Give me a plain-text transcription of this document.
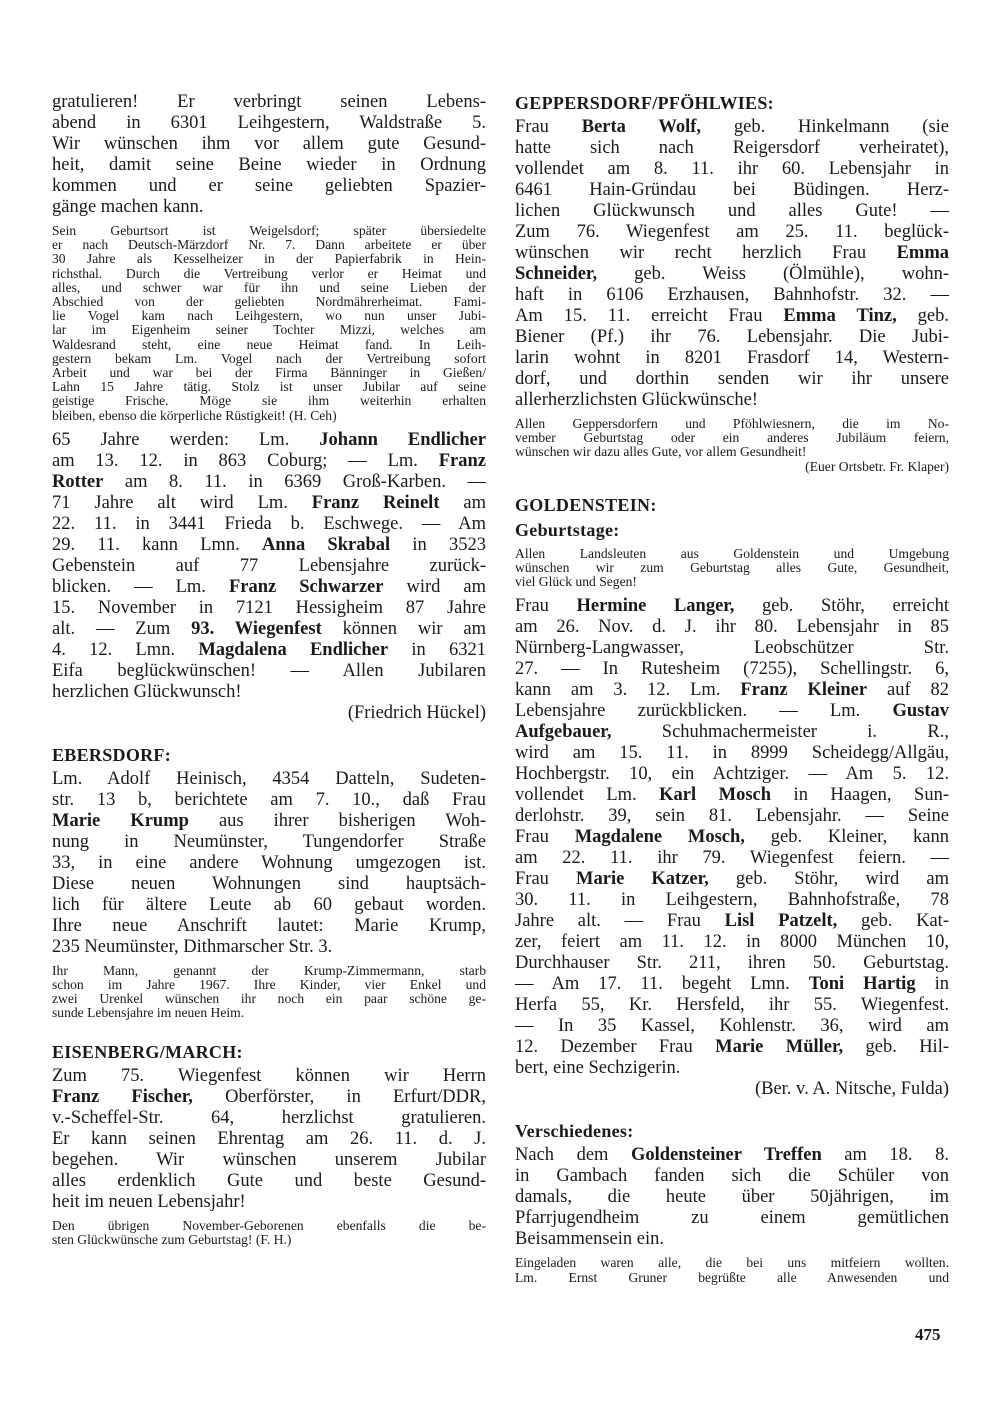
gratulieren! Er verbringt seinen Lebens-
abend in 6301 Leihgestern, Waldstraße 5.
Wir wünschen ihm vor allem gute Gesund-
heit, damit seine Beine wieder in Ordnung
kommen und er seine geliebten Spazier-
gänge machen kann.
Sein Geburtsort ist Weigelsdorf; später übersiedelte
er nach Deutsch-Märzdorf Nr. 7. Dann arbeitete er über
30 Jahre als Kesselheizer in der Papierfabrik in Hein-
richsthal. Durch die Vertreibung verlor er Heimat und
alles, und schwer war für ihn und seine Lieben der
Abschied von der geliebten Nordmährerheimat. Fami-
lie Vogel kam nach Leihgestern, wo nun unser Jubi-
lar im Eigenheim seiner Tochter Mizzi, welches am
Waldesrand steht, eine neue Heimat fand. In Leih-
gestern bekam Lm. Vogel nach der Vertreibung sofort
Arbeit und war bei der Firma Bänninger in Gießen/
Lahn 15 Jahre tätig. Stolz ist unser Jubilar auf seine
geistige Frische. Möge sie ihm weiterhin erhalten
bleiben, ebenso die körperliche Rüstigkeit! (H. Ceh)
65 Jahre werden: Lm. Johann Endlicher
am 13. 12. in 863 Coburg; — Lm. Franz
Rotter am 8. 11. in 6369 Groß-Karben. —
71 Jahre alt wird Lm. Franz Reinelt am
22. 11. in 3441 Frieda b. Eschwege. — Am
29. 11. kann Lmn. Anna Skrabal in 3523
Gebenstein auf 77 Lebensjahre zurück-
blicken. — Lm. Franz Schwarzer wird am
15. November in 7121 Hessigheim 87 Jahre
alt. — Zum 93. Wiegenfest können wir am
4. 12. Lmn. Magdalena Endlicher in 6321
Eifa beglückwünschen! — Allen Jubilaren
herzlichen Glückwunsch!
(Friedrich Hückel)
EBERSDORF:
Lm. Adolf Heinisch, 4354 Datteln, Sudeten-
str. 13 b, berichtete am 7. 10., daß Frau
Marie Krump aus ihrer bisherigen Woh-
nung in Neumünster, Tungendorfer Straße
33, in eine andere Wohnung umgezogen ist.
Diese neuen Wohnungen sind hauptsäch-
lich für ältere Leute ab 60 gebaut worden.
Ihre neue Anschrift lautet: Marie Krump,
235 Neumünster, Dithmarscher Str. 3.
Ihr Mann, genannt der Krump-Zimmermann, starb
schon im Jahre 1967. Ihre Kinder, vier Enkel und
zwei Urenkel wünschen ihr noch ein paar schöne ge-
sunde Lebensjahre im neuen Heim.
EISENBERG/MARCH:
Zum 75. Wiegenfest können wir Herrn
Franz Fischer, Oberförster, in Erfurt/DDR,
v.-Scheffel-Str. 64, herzlichst gratulieren.
Er kann seinen Ehrentag am 26. 11. d. J.
begehen. Wir wünschen unserem Jubilar
alles erdenklich Gute und beste Gesund-
heit im neuen Lebensjahr!
Den übrigen November-Geborenen ebenfalls die be-
sten Glückwünsche zum Geburtstag! (F. H.)
GEPPERSDORF/PFÖHLWIES:
Frau Berta Wolf, geb. Hinkelmann (sie
hatte sich nach Reigersdorf verheiratet),
vollendet am 8. 11. ihr 60. Lebensjahr in
6461 Hain-Gründau bei Büdingen. Herz-
lichen Glückwunsch und alles Gute! —
Zum 76. Wiegenfest am 25. 11. beglück-
wünschen wir recht herzlich Frau Emma
Schneider, geb. Weiss (Ölmühle), wohn-
haft in 6106 Erzhausen, Bahnhofstr. 32. —
Am 15. 11. erreicht Frau Emma Tinz, geb.
Biener (Pf.) ihr 76. Lebensjahr. Die Jubi-
larin wohnt in 8201 Frasdorf 14, Western-
dorf, und dorthin senden wir ihr unsere
allerherzlichsten Glückwünsche!
Allen Geppersdorfern und Pföhlwiesnern, die im No-
vember Geburtstag oder ein anderes Jubiläum feiern,
wünschen wir dazu alles Gute, vor allem Gesundheit!
(Euer Ortsbetr. Fr. Klaper)
GOLDENSTEIN:
Geburtstage:
Allen Landsleuten aus Goldenstein und Umgebung
wünschen wir zum Geburtstag alles Gute, Gesundheit,
viel Glück und Segen!
Frau Hermine Langer, geb. Stöhr, erreicht
am 26. Nov. d. J. ihr 80. Lebensjahr in 85
Nürnberg-Langwasser, Leobschützer Str.
27. — In Rutesheim (7255), Schellingstr. 6,
kann am 3. 12. Lm. Franz Kleiner auf 82
Lebensjahre zurückblicken. — Lm. Gustav
Aufgebauer, Schuhmachermeister i. R.,
wird am 15. 11. in 8999 Scheidegg/Allgäu,
Hochbergstr. 10, ein Achtziger. — Am 5. 12.
vollendet Lm. Karl Mosch in Haagen, Sun-
derlohstr. 39, sein 81. Lebensjahr. — Seine
Frau Magdalene Mosch, geb. Kleiner, kann
am 22. 11. ihr 79. Wiegenfest feiern. —
Frau Marie Katzer, geb. Stöhr, wird am
30. 11. in Leihgestern, Bahnhofstraße, 78
Jahre alt. — Frau Lisl Patzelt, geb. Kat-
zer, feiert am 11. 12. in 8000 München 10,
Durchhauser Str. 211, ihren 50. Geburtstag.
— Am 17. 11. begeht Lmn. Toni Hartig in
Herfa 55, Kr. Hersfeld, ihr 55. Wiegenfest.
— In 35 Kassel, Kohlenstr. 36, wird am
12. Dezember Frau Marie Müller, geb. Hil-
bert, eine Sechzigerin.
(Ber. v. A. Nitsche, Fulda)
Verschiedenes:
Nach dem Goldensteiner Treffen am 18. 8.
in Gambach fanden sich die Schüler von
damals, die heute über 50jährigen, im
Pfarrjugendheim zu einem gemütlichen
Beisammensein ein.
Eingeladen waren alle, die bei uns mitfeiern wollten.
Lm. Ernst Gruner begrüßte alle Anwesenden und
475
